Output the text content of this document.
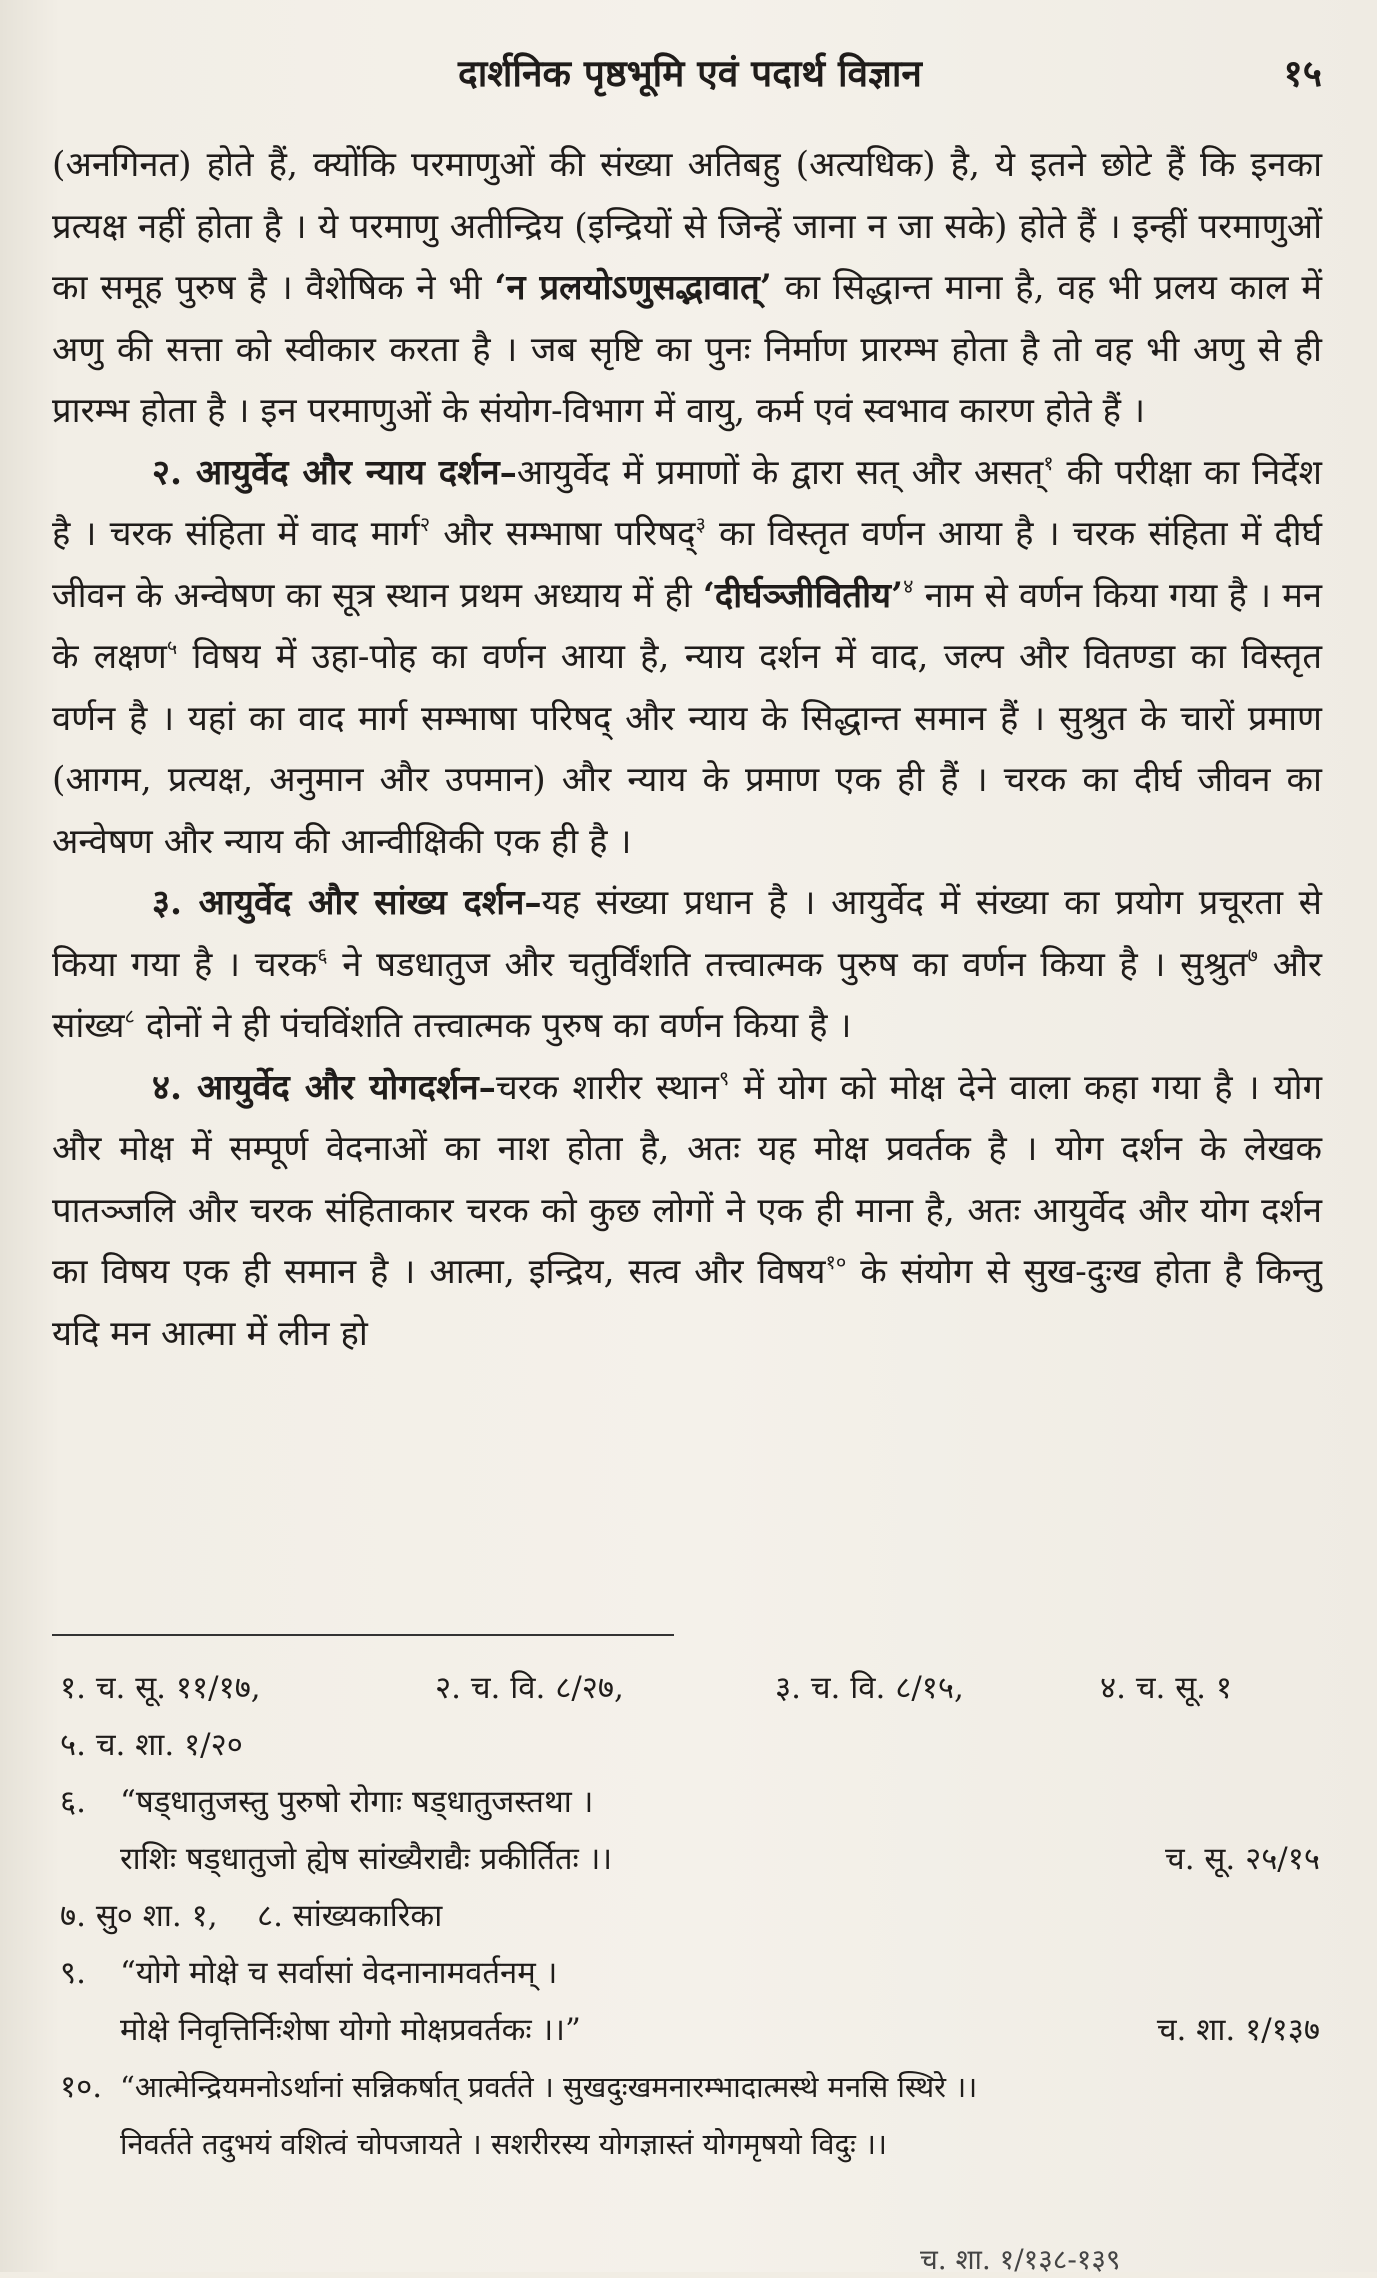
दार्शनिक पृष्ठभूमि एवं पदार्थ विज्ञान	१५

(अनगिनत) होते हैं, क्योंकि परमाणुओं की संख्या अतिबहु (अत्यधिक) है, ये इतने छोटे हैं कि इनका प्रत्यक्ष नहीं होता है । ये परमाणु अतीन्द्रिय (इन्द्रियों से जिन्हें जाना न जा सके) होते हैं । इन्हीं परमाणुओं का समूह पुरुष है । वैशेषिक ने भी ‘न प्रलयोऽणुसद्भावात्’ का सिद्धान्त माना है, वह भी प्रलय काल में अणु की सत्ता को स्वीकार करता है । जब सृष्टि का पुनः निर्माण प्रारम्भ होता है तो वह भी अणु से ही प्रारम्भ होता है । इन परमाणुओं के संयोग-विभाग में वायु, कर्म एवं स्वभाव कारण होते हैं ।

२. आयुर्वेद और न्याय दर्शन–आयुर्वेद में प्रमाणों के द्वारा सत् और असत्$^१$ की परीक्षा का निर्देश है । चरक संहिता में वाद मार्ग$^२$ और सम्भाषा परिषद्$^३$ का विस्तृत वर्णन आया है । चरक संहिता में दीर्घ जीवन के अन्वेषण का सूत्र स्थान प्रथम अध्याय में ही ‘दीर्घञ्जीवितीय’$^४$ नाम से वर्णन किया गया है । मन के लक्षण$^५$ विषय में उहा-पोह का वर्णन आया है, न्याय दर्शन में वाद, जल्प और वितण्डा का विस्तृत वर्णन है । यहां का वाद मार्ग सम्भाषा परिषद् और न्याय के सिद्धान्त समान हैं । सुश्रुत के चारों प्रमाण (आगम, प्रत्यक्ष, अनुमान और उपमान) और न्याय के प्रमाण एक ही हैं । चरक का दीर्घ जीवन का अन्वेषण और न्याय की आन्वीक्षिकी एक ही है ।

३. आयुर्वेद और सांख्य दर्शन–यह संख्या प्रधान है । आयुर्वेद में संख्या का प्रयोग प्रचूरता से किया गया है । चरक$^६$ ने षडधातुज और चतुर्विंशति तत्त्वात्मक पुरुष का वर्णन किया है । सुश्रुत$^७$ और सांख्य$^८$ दोनों ने ही पंचविंशति तत्त्वात्मक पुरुष का वर्णन किया है ।

४. आयुर्वेद और योगदर्शन–चरक शारीर स्थान$^९$ में योग को मोक्ष देने वाला कहा गया है । योग और मोक्ष में सम्पूर्ण वेदनाओं का नाश होता है, अतः यह मोक्ष प्रवर्तक है । योग दर्शन के लेखक पातञ्जलि और चरक संहिताकार चरक को कुछ लोगों ने एक ही माना है, अतः आयुर्वेद और योग दर्शन का विषय एक ही समान है । आत्मा, इन्द्रिय, सत्व और विषय$^{१०}$ के संयोग से सुख-दुःख होता है किन्तु यदि मन आत्मा में लीन हो

१. च. सू. ११/१७,	२. च. वि. ८/२७,	३. च. वि. ८/१५,	४. च. सू. १
५. च. शा. १/२०
६. “षड्धातुजस्तु पुरुषो रोगाः षड्धातुजस्तथा ।
राशिः षड्धातुजो ह्येष सांख्यैराद्यैः प्रकीर्तितः ।।	च. सू. २५/१५
७. सु० शा. १,    ८. सांख्यकारिका
९. “योगे मोक्षे च सर्वासां वेदनानामवर्तनम् ।
मोक्षे निवृत्तिर्निःशेषा योगो मोक्षप्रवर्तकः ।।”	च. शा. १/१३७
१०. “आत्मेन्द्रियमनोऽर्थानां सन्निकर्षात् प्रवर्तते । सुखदुःखमनारम्भादात्मस्थे मनसि स्थिरे ।।
निवर्तते तदुभयं वशित्वं चोपजायते । सशरीरस्य योगज्ञास्तं योगमृषयो विदुः ।।
च. शा. १/१३८-१३९
